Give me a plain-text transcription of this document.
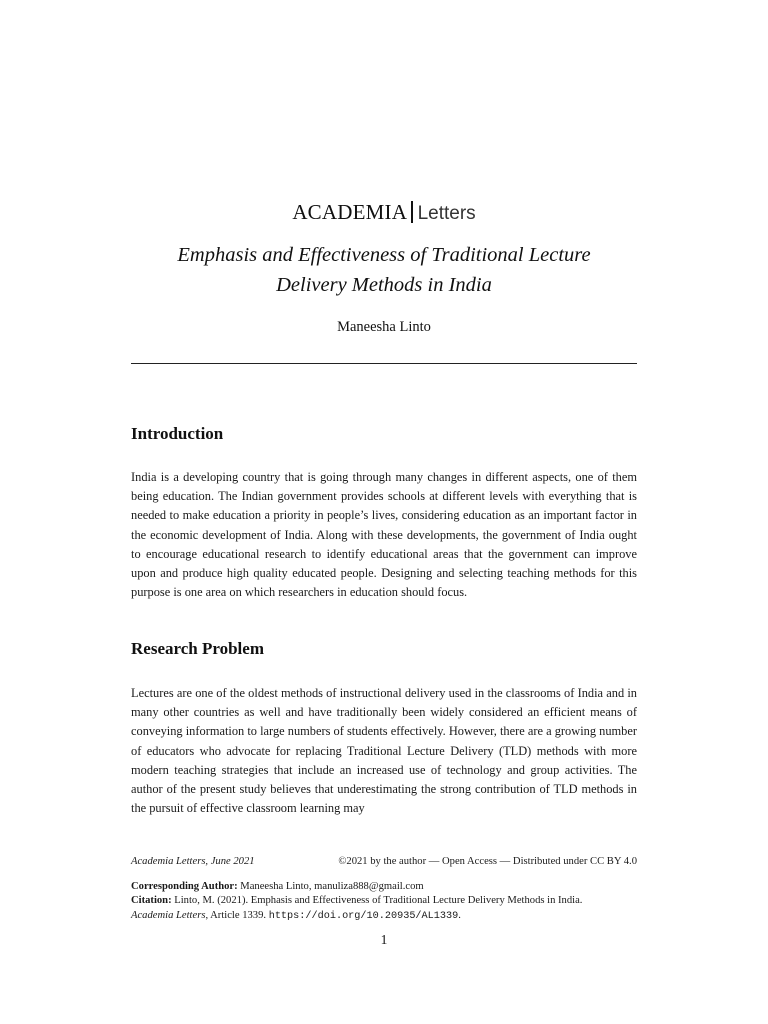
ACADEMIA Letters
Emphasis and Effectiveness of Traditional Lecture
Delivery Methods in India
Maneesha Linto
Introduction

India is a developing country that is going through many changes in different aspects, one of them being education. The Indian government provides schools at different levels with everything that is needed to make education a priority in people’s lives, considering education as an important factor in the economic development of India. Along with these developments, the government of India ought to encourage educational research to identify educational areas that the government can improve upon and produce high quality educated people. Designing and selecting teaching methods for this purpose is one area on which researchers in education should focus.

Research Problem

Lectures are one of the oldest methods of instructional delivery used in the classrooms of India and in many other countries as well and have traditionally been widely considered an efficient means of conveying information to large numbers of students effectively. However, there are a growing number of educators who advocate for replacing Traditional Lecture Delivery (TLD) methods with more modern teaching strategies that include an increased use of technology and group activities. The author of the present study believes that underestimating the strong contribution of TLD methods in the pursuit of effective classroom learning may

Academia Letters, June 2021	©2021 by the author — Open Access — Distributed under CC BY 4.0
Corresponding Author: Maneesha Linto, manuliza888@gmail.com
Citation: Linto, M. (2021). Emphasis and Effectiveness of Traditional Lecture Delivery Methods in India.
Academia Letters, Article 1339. https://doi.org/10.20935/AL1339.
1
